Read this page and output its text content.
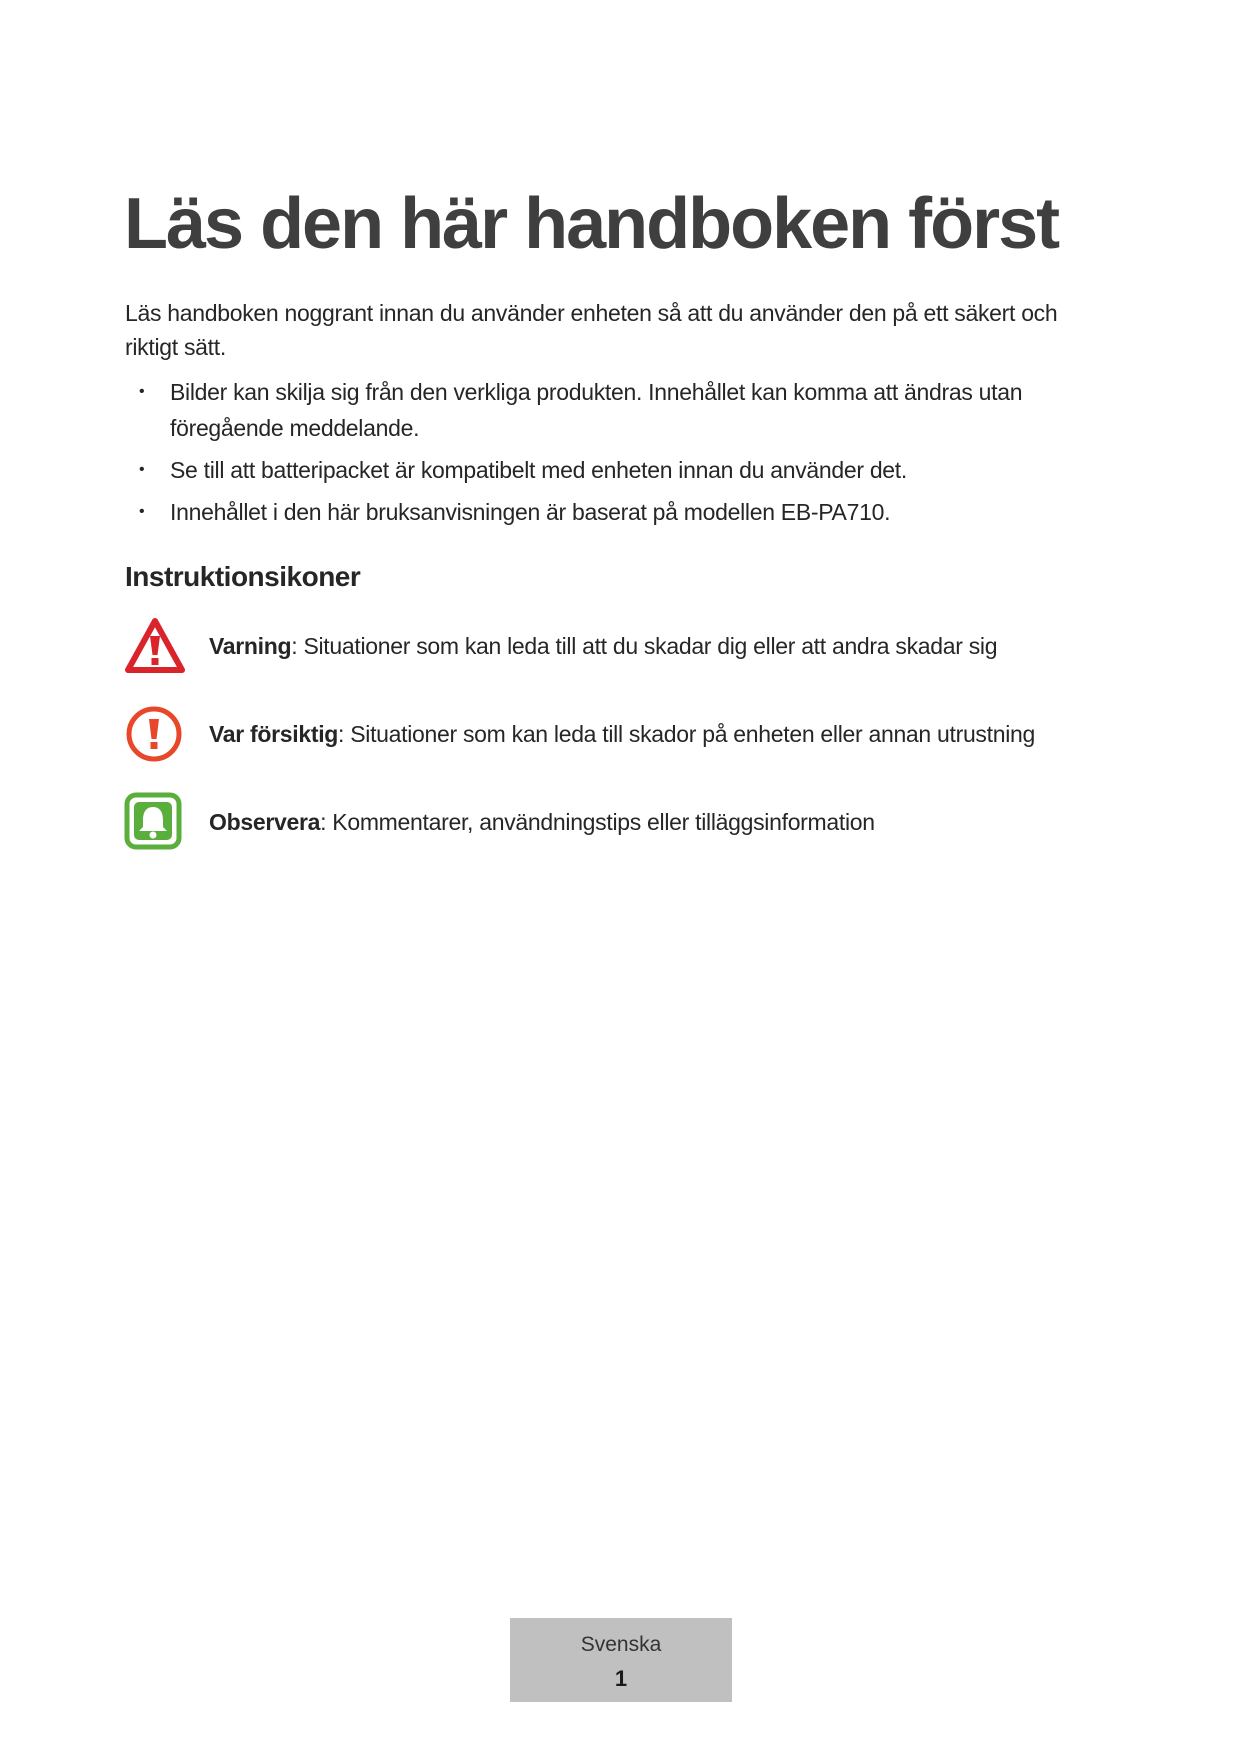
Läs den här handboken först

Läs handboken noggrant innan du använder enheten så att du använder den på ett säkert och riktigt sätt.

• Bilder kan skilja sig från den verkliga produkten. Innehållet kan komma att ändras utan föregående meddelande.
• Se till att batteripacket är kompatibelt med enheten innan du använder det.
• Innehållet i den här bruksanvisningen är baserat på modellen EB-PA710.
Instruktionsikoner
Varning: Situationer som kan leda till att du skadar dig eller att andra skadar sig
Var försiktig: Situationer som kan leda till skador på enheten eller annan utrustning
Observera: Kommentarer, användningstips eller tilläggsinformation
Svenska
1
